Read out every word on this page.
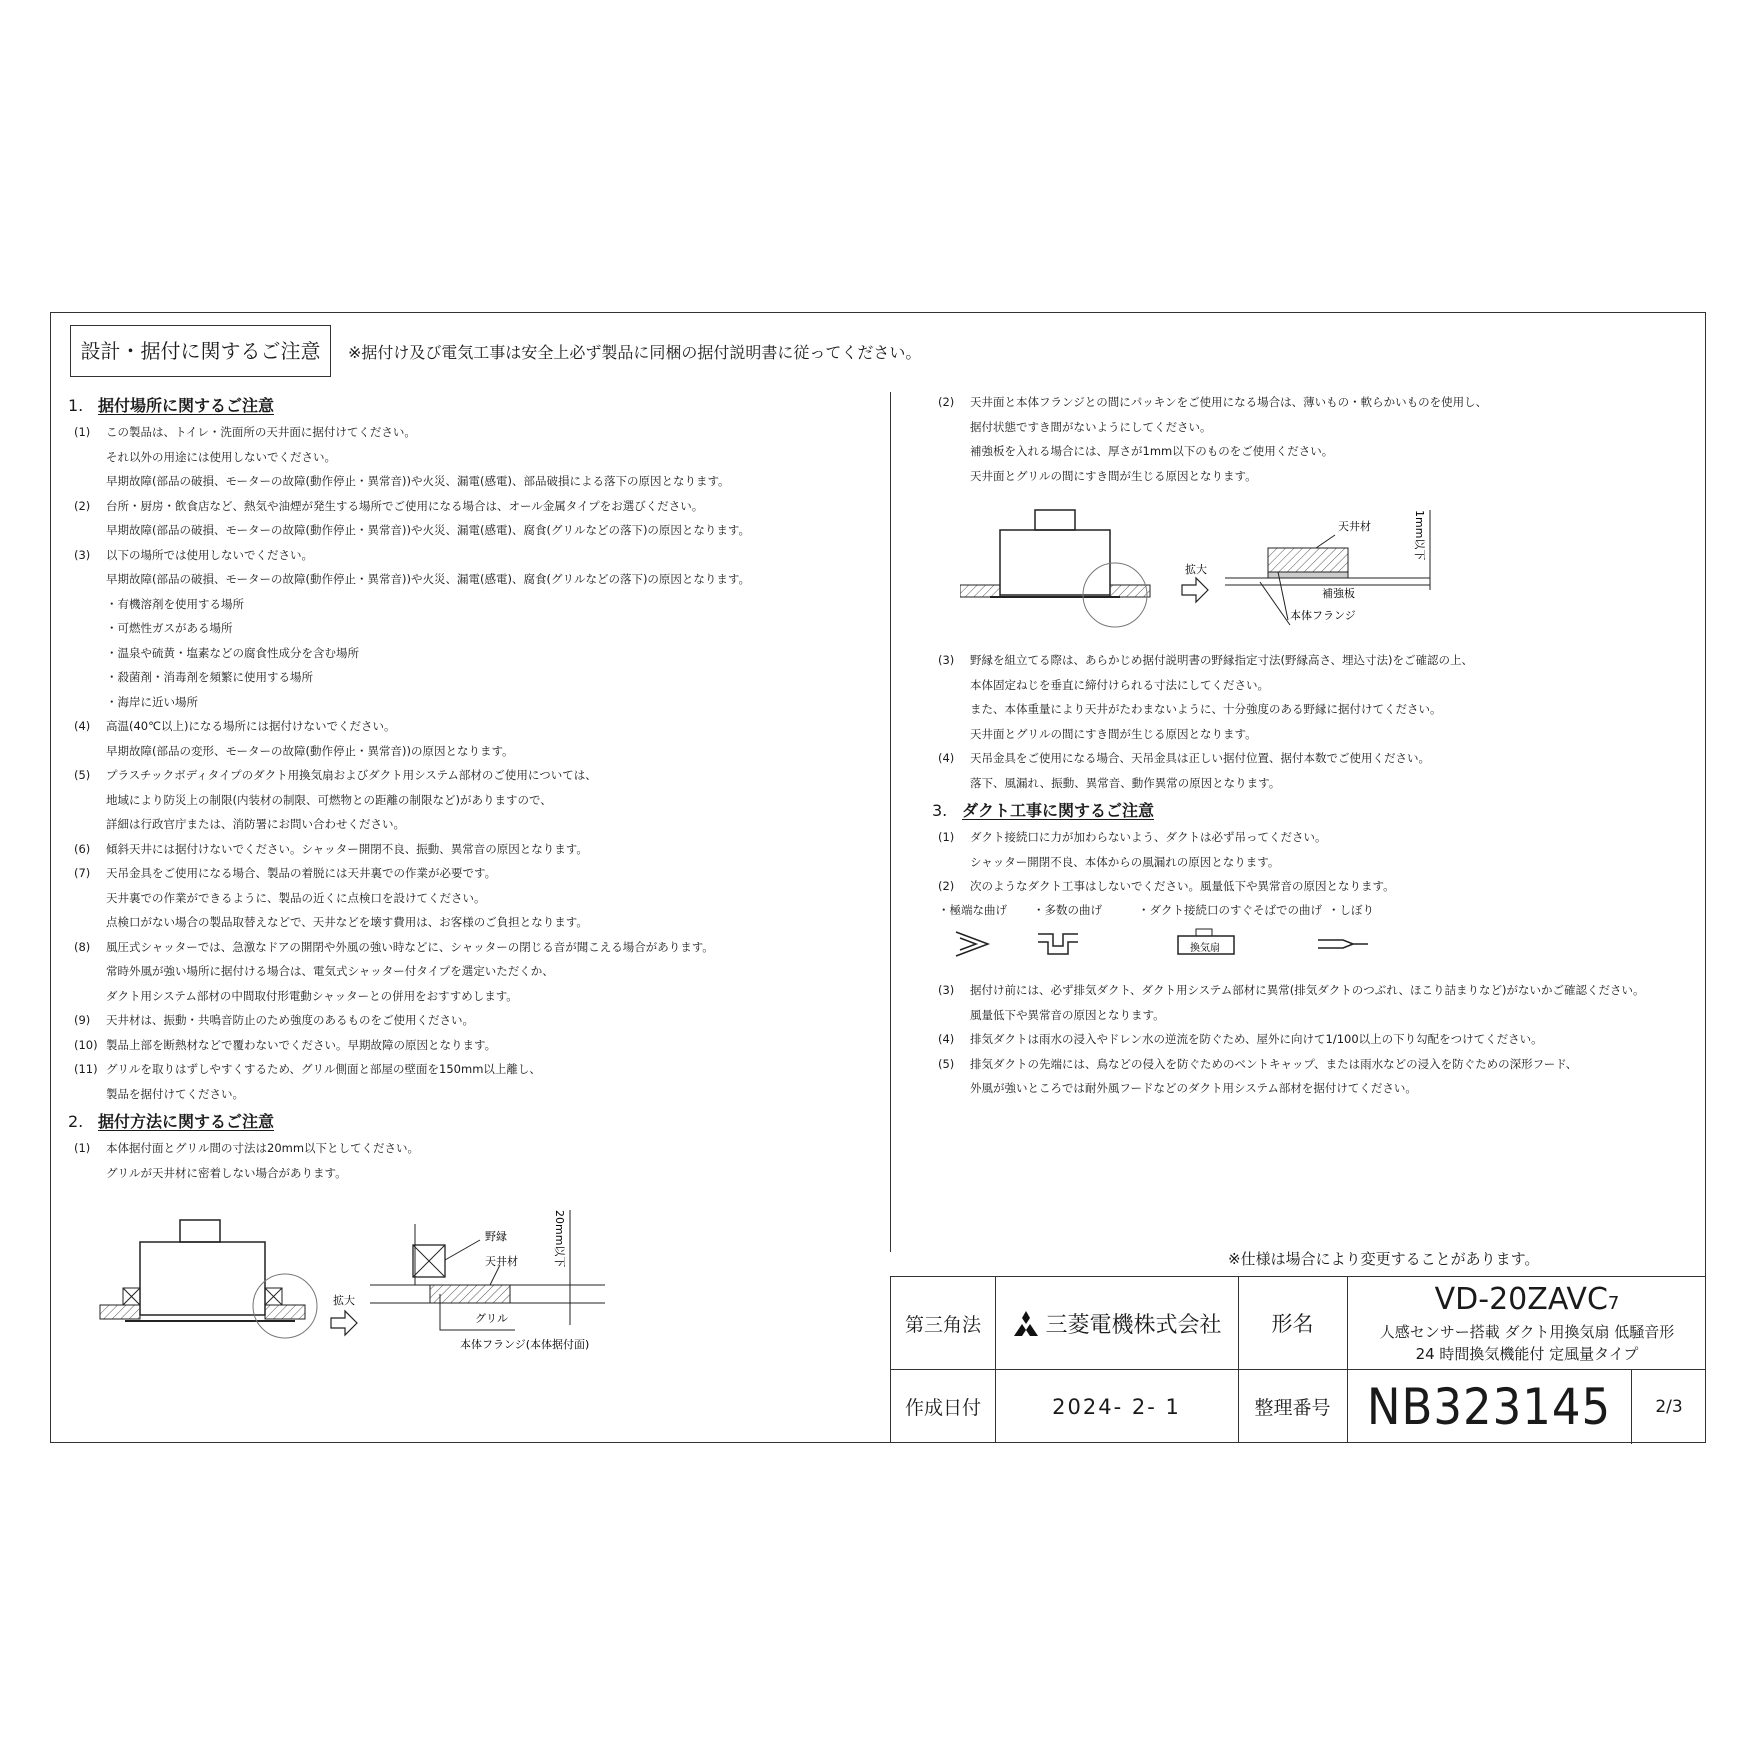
設計・据付に関するご注意	※据付け及び電気工事は安全上必ず製品に同梱の据付説明書に従ってください。
1. 据付場所に関するご注意
(1) この製品は、トイレ・洗面所の天井面に据付けてください。
それ以外の用途には使用しないでください。
早期故障(部品の破損、モーターの故障(動作停止・異常音))や火災、漏電(感電)、部品破損による落下の原因となります。
(2) 台所・厨房・飲食店など、熱気や油煙が発生する場所でご使用になる場合は、オール金属タイプをお選びください。
早期故障(部品の破損、モーターの故障(動作停止・異常音))や火災、漏電(感電)、腐食(グリルなどの落下)の原因となります。
(3) 以下の場所では使用しないでください。
早期故障(部品の破損、モーターの故障(動作停止・異常音))や火災、漏電(感電)、腐食(グリルなどの落下)の原因となります。
・有機溶剤を使用する場所
・可燃性ガスがある場所
・温泉や硫黄・塩素などの腐食性成分を含む場所
・殺菌剤・消毒剤を頻繁に使用する場所
・海岸に近い場所
(4) 高温(40℃以上)になる場所には据付けないでください。
早期故障(部品の変形、モーターの故障(動作停止・異常音))の原因となります。
(5) プラスチックボディタイプのダクト用換気扇およびダクト用システム部材のご使用については、
地域により防災上の制限(内装材の制限、可燃物との距離の制限など)がありますので、
詳細は行政官庁または、消防署にお問い合わせください。
(6) 傾斜天井には据付けないでください。シャッター開閉不良、振動、異常音の原因となります。
(7) 天吊金具をご使用になる場合、製品の着脱には天井裏での作業が必要です。
天井裏での作業ができるように、製品の近くに点検口を設けてください。
点検口がない場合の製品取替えなどで、天井などを壊す費用は、お客様のご負担となります。
(8) 風圧式シャッターでは、急激なドアの開閉や外風の強い時などに、シャッターの閉じる音が聞こえる場合があります。
常時外風が強い場所に据付ける場合は、電気式シャッター付タイプを選定いただくか、
ダクト用システム部材の中間取付形電動シャッターとの併用をおすすめします。
(9) 天井材は、振動・共鳴音防止のため強度のあるものをご使用ください。
(10) 製品上部を断熱材などで覆わないでください。早期故障の原因となります。
(11) グリルを取りはずしやすくするため、グリル側面と部屋の壁面を150mm以上離し、
製品を据付けてください。
2. 据付方法に関するご注意
(1) 本体据付面とグリル間の寸法は20mm以下としてください。
グリルが天井材に密着しない場合があります。
(2) 天井面と本体フランジとの間にパッキンをご使用になる場合は、薄いもの・軟らかいものを使用し、
据付状態ですき間がないようにしてください。
補強板を入れる場合には、厚さが1mm以下のものをご使用ください。
天井面とグリルの間にすき間が生じる原因となります。
(3) 野縁を組立てる際は、あらかじめ据付説明書の野縁指定寸法(野縁高さ、埋込寸法)をご確認の上、
本体固定ねじを垂直に締付けられる寸法にしてください。
また、本体重量により天井がたわまないように、十分強度のある野縁に据付けてください。
天井面とグリルの間にすき間が生じる原因となります。
(4) 天吊金具をご使用になる場合、天吊金具は正しい据付位置、据付本数でご使用ください。
落下、風漏れ、振動、異常音、動作異常の原因となります。
3. ダクト工事に関するご注意
(1) ダクト接続口に力が加わらないよう、ダクトは必ず吊ってください。
シャッター開閉不良、本体からの風漏れの原因となります。
(2) 次のようなダクト工事はしないでください。風量低下や異常音の原因となります。
(3) 据付け前には、必ず排気ダクト、ダクト用システム部材に異常(排気ダクトのつぶれ、ほこり詰まりなど)がないかご確認ください。
風量低下や異常音の原因となります。
(4) 排気ダクトは雨水の浸入やドレン水の逆流を防ぐため、屋外に向けて1/100以上の下り勾配をつけてください。
(5) 排気ダクトの先端には、鳥などの侵入を防ぐためのベントキャップ、または雨水などの浸入を防ぐための深形フード、
外風が強いところでは耐外風フードなどのダクト用システム部材を据付けてください。
拡大
天井材
補強板
本体フランジ
1mm以下
・極端な曲げ ・多数の曲げ	・ダクト接続口のすぐそばでの曲げ ・しぼり
換気扇
拡大
野縁
天井材
グリル
本体フランジ(本体据付面)
20mm以下	※仕様は場合により変更することがあります。
第三角法	三菱電機株式会社	形名
VD-20ZAVC7
人感センサー搭載 ダクト用換気扇 低騒音形
24 時間換気機能付 定風量タイプ
作成日付	2024- 2- 1	整理番号 NB323145	2/3
